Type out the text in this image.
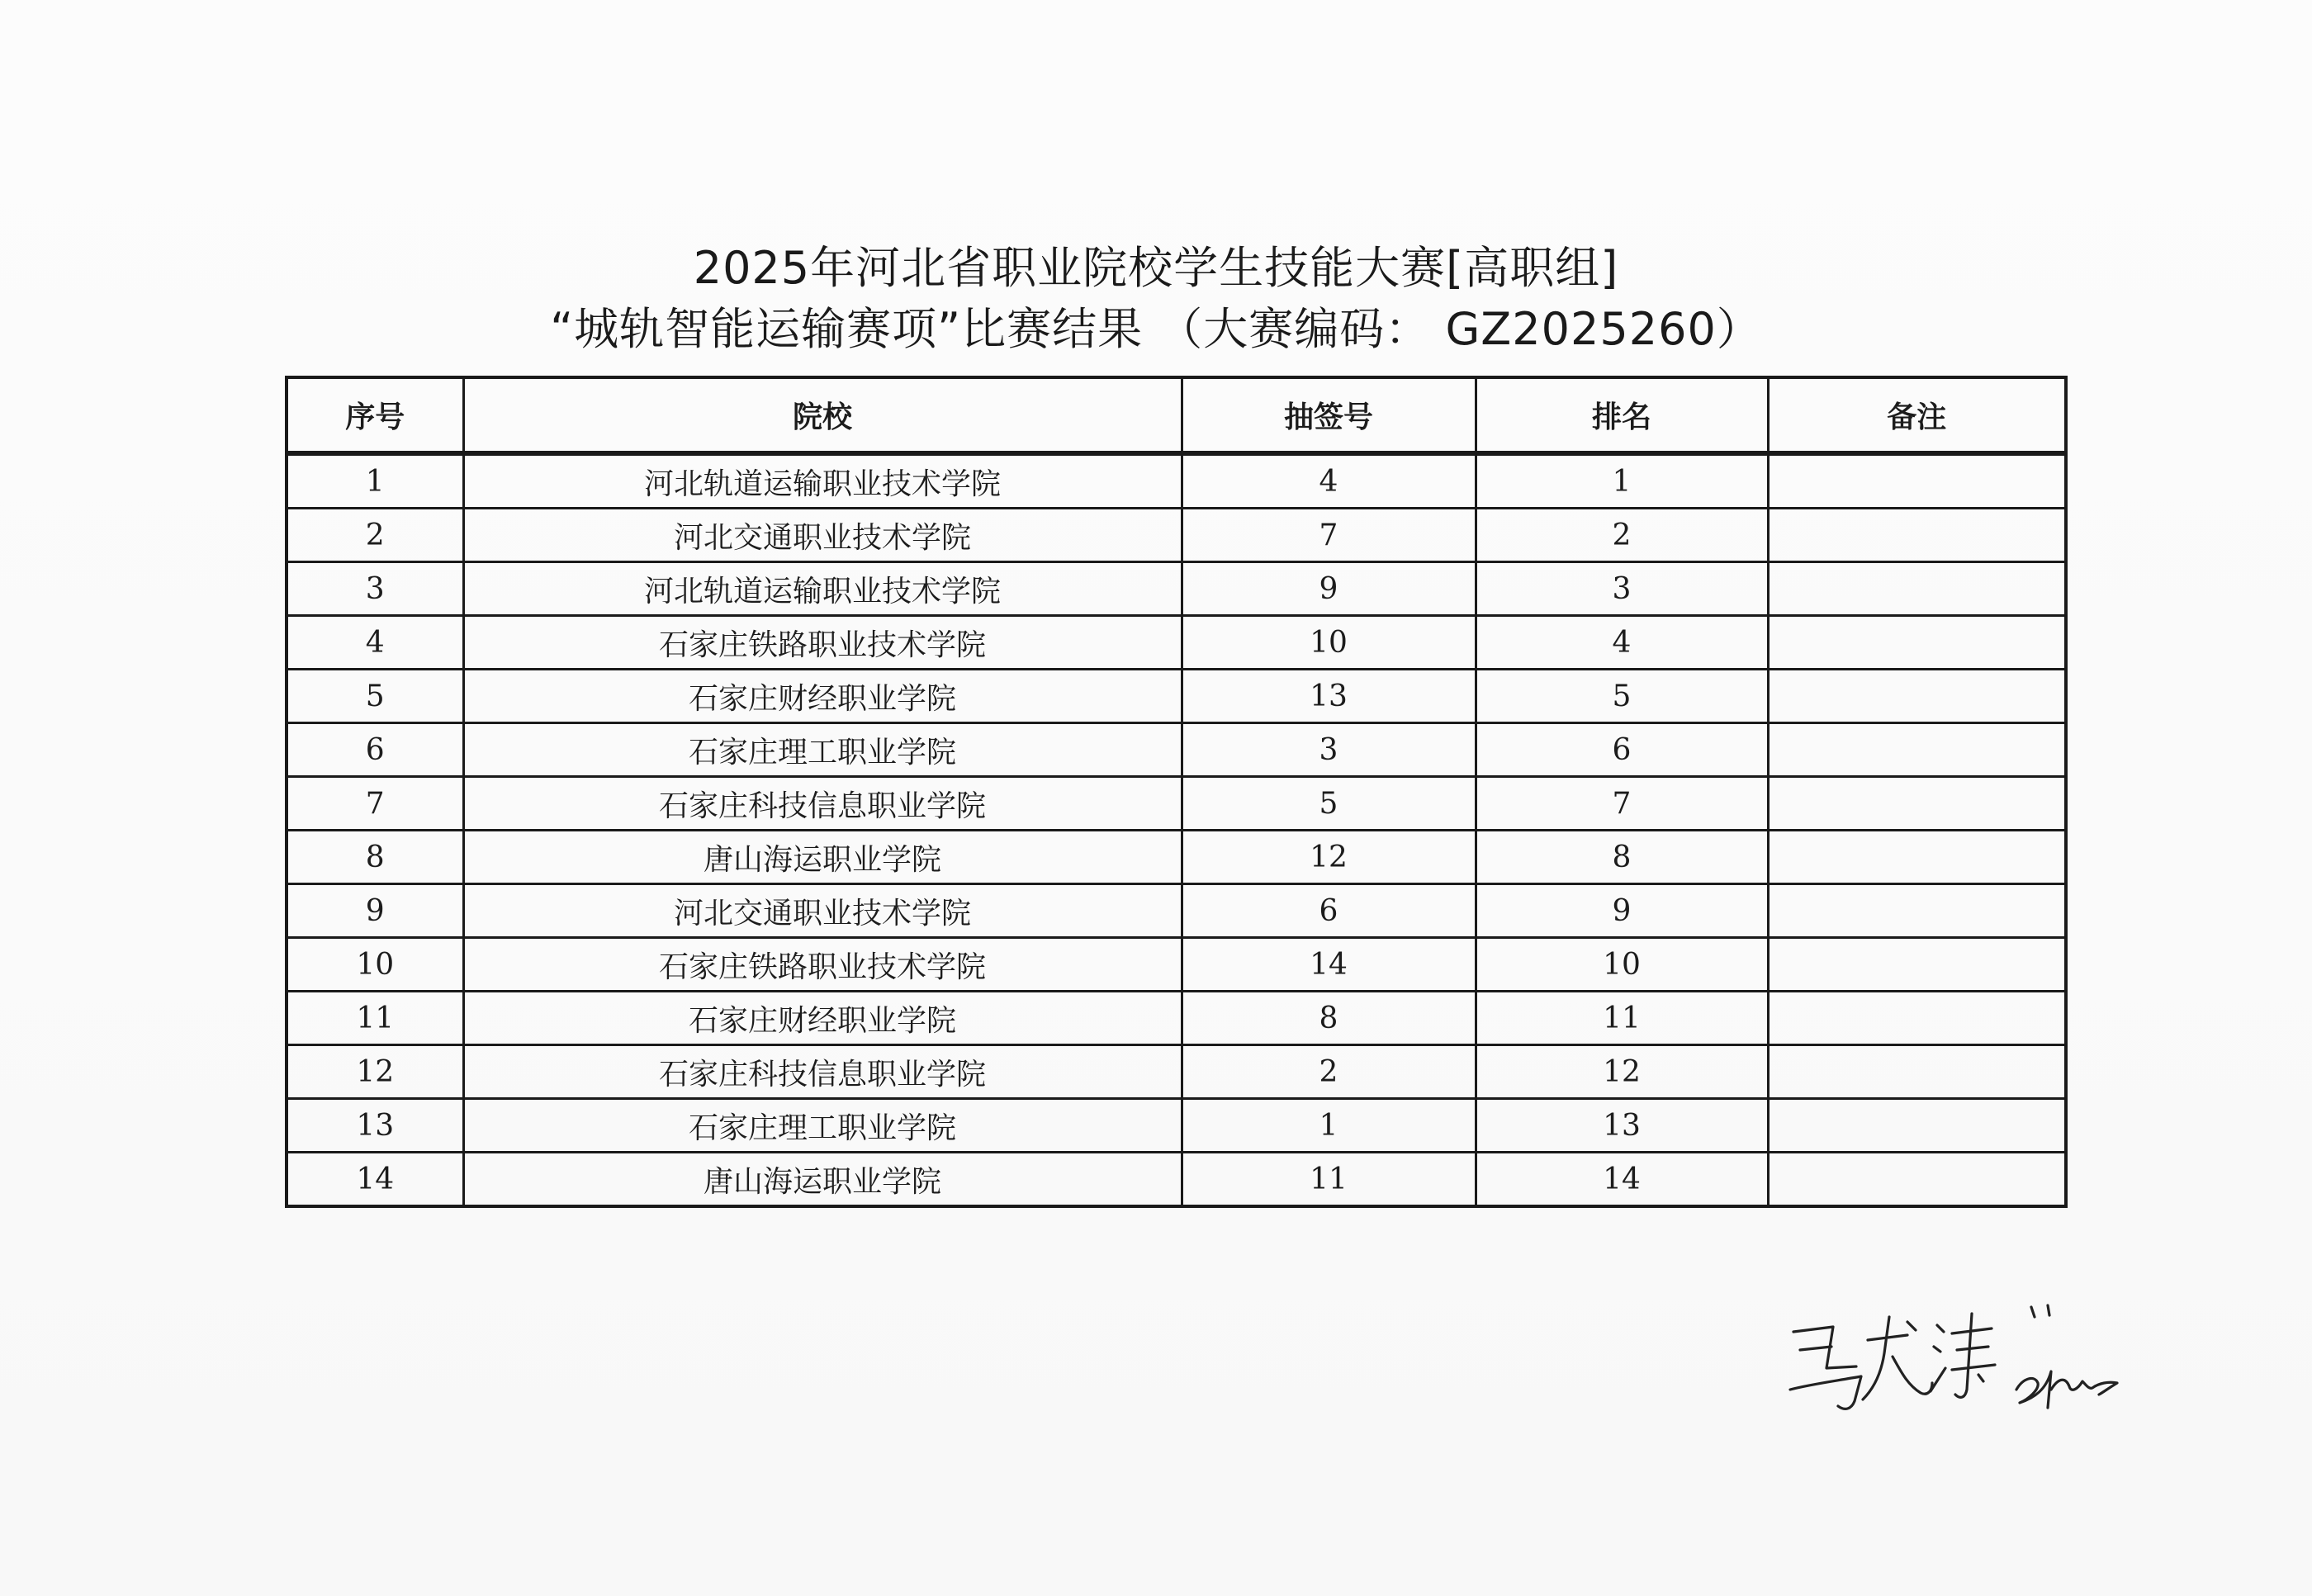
2025年河北省职业院校学生技能大赛[高职组]
“城轨智能运输赛项”比赛结果 （大赛编码： GZ2025260）
序号	院校	抽签号	排名	备注
1	河北轨道运输职业技术学院	4	1	
2	河北交通职业技术学院	7	2	
3	河北轨道运输职业技术学院	9	3	
4	石家庄铁路职业技术学院	10	4	
5	石家庄财经职业学院	13	5	
6	石家庄理工职业学院	3	6	
7	石家庄科技信息职业学院	5	7	
8	唐山海运职业学院	12	8	
9	河北交通职业技术学院	6	9	
10	石家庄铁路职业技术学院	14	10	
11	石家庄财经职业学院	8	11	
12	石家庄科技信息职业学院	2	12	
13	石家庄理工职业学院	1	13	
14	唐山海运职业学院	11	14	
